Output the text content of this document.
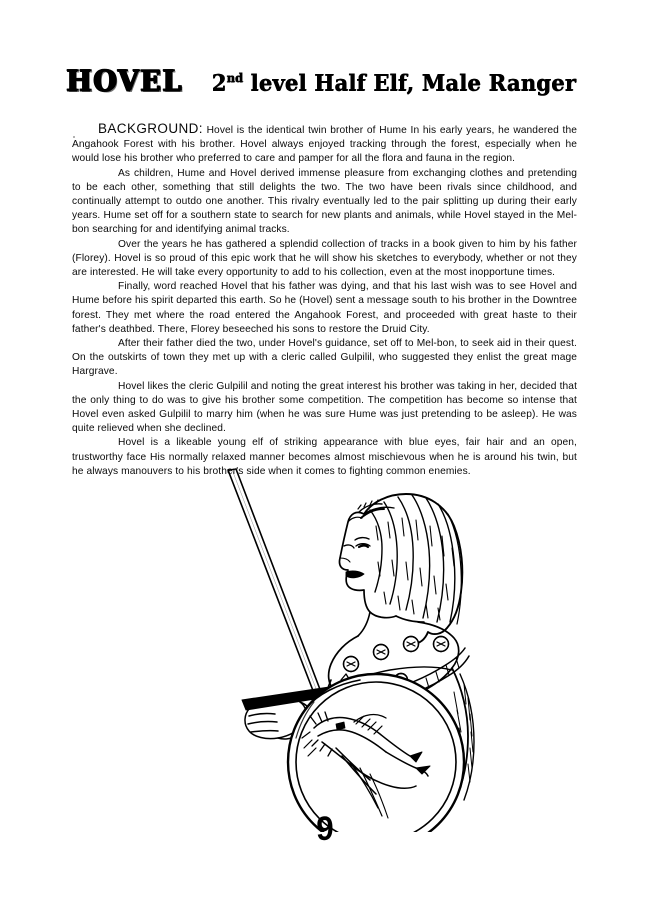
HOVEL 2nd level Half Elf, Male Ranger

BACKGROUND: Hovel is the identical twin brother of Hume In his early years, he wandered the Angahook Forest with his brother. Hovel always enjoyed tracking through the forest, especially when he would lose his brother who preferred to care and pamper for all the flora and fauna in the region.

As children, Hume and Hovel derived immense pleasure from exchanging clothes and pretending to be each other, something that still delights the two. The two have been rivals since childhood, and continually attempt to outdo one another. This rivalry eventually led to the pair splitting up during their early years. Hume set off for a southern state to search for new plants and animals, while Hovel stayed in the Mel-bon searching for and identifying animal tracks.

Over the years he has gathered a splendid collection of tracks in a book given to him by his father (Florey). Hovel is so proud of this epic work that he will show his sketches to everybody, whether or not they are interested. He will take every opportunity to add to his collection, even at the most inopportune times.

Finally, word reached Hovel that his father was dying, and that his last wish was to see Hovel and Hume before his spirit departed this earth. So he (Hovel) sent a message south to his brother in the Downtree forest. They met where the road entered the Angahook Forest, and proceeded with great haste to their father's deathbed. There, Florey beseeched his sons to restore the Druid City.

After their father died the two, under Hovel's guidance, set off to Mel-bon, to seek aid in their quest. On the outskirts of town they met up with a cleric called Gulpilil, who suggested they enlist the great mage Hargrave.

Hovel likes the cleric Gulpilil and noting the great interest his brother was taking in her, decided that the only thing to do was to give his brother some competition. The competition has become so intense that Hovel even asked Gulpilil to marry him (when he was sure Hume was just pretending to be asleep). He was quite relieved when she declined.

Hovel is a likeable young elf of striking appearance with blue eyes, fair hair and an open, trustworthy face His normally relaxed manner becomes almost mischievous when he is around his twin, but he always manouvers to his brother's side when it comes to fighting common enemies.

9
